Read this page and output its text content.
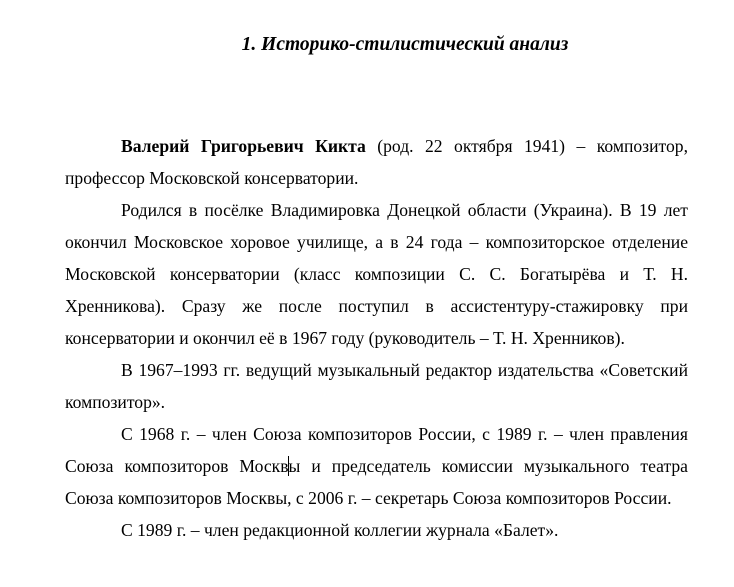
1. Историко-стилистический анализ

Валерий Григорьевич Кикта (род. 22 октября 1941) – композитор, профессор Московской консерватории.

Родился в посёлке Владимировка Донецкой области (Украина). В 19 лет окончил Московское хоровое училище, а в 24 года – композиторское отделение Московской консерватории (класс композиции С. С. Богатырёва и Т. Н. Хренникова). Сразу же после поступил в ассистентуру-стажировку при консерватории и окончил её в 1967 году (руководитель – Т. Н. Хренников).

В 1967–1993 гг. ведущий музыкальный редактор издательства «Советский композитор».

С 1968 г. – член Союза композиторов России, с 1989 г. – член правления Союза композиторов Москвы и председатель комиссии музыкального театра Союза композиторов Москвы, с 2006 г. – секретарь Союза композиторов России.

С 1989 г. – член редакционной коллегии журнала «Балет».
